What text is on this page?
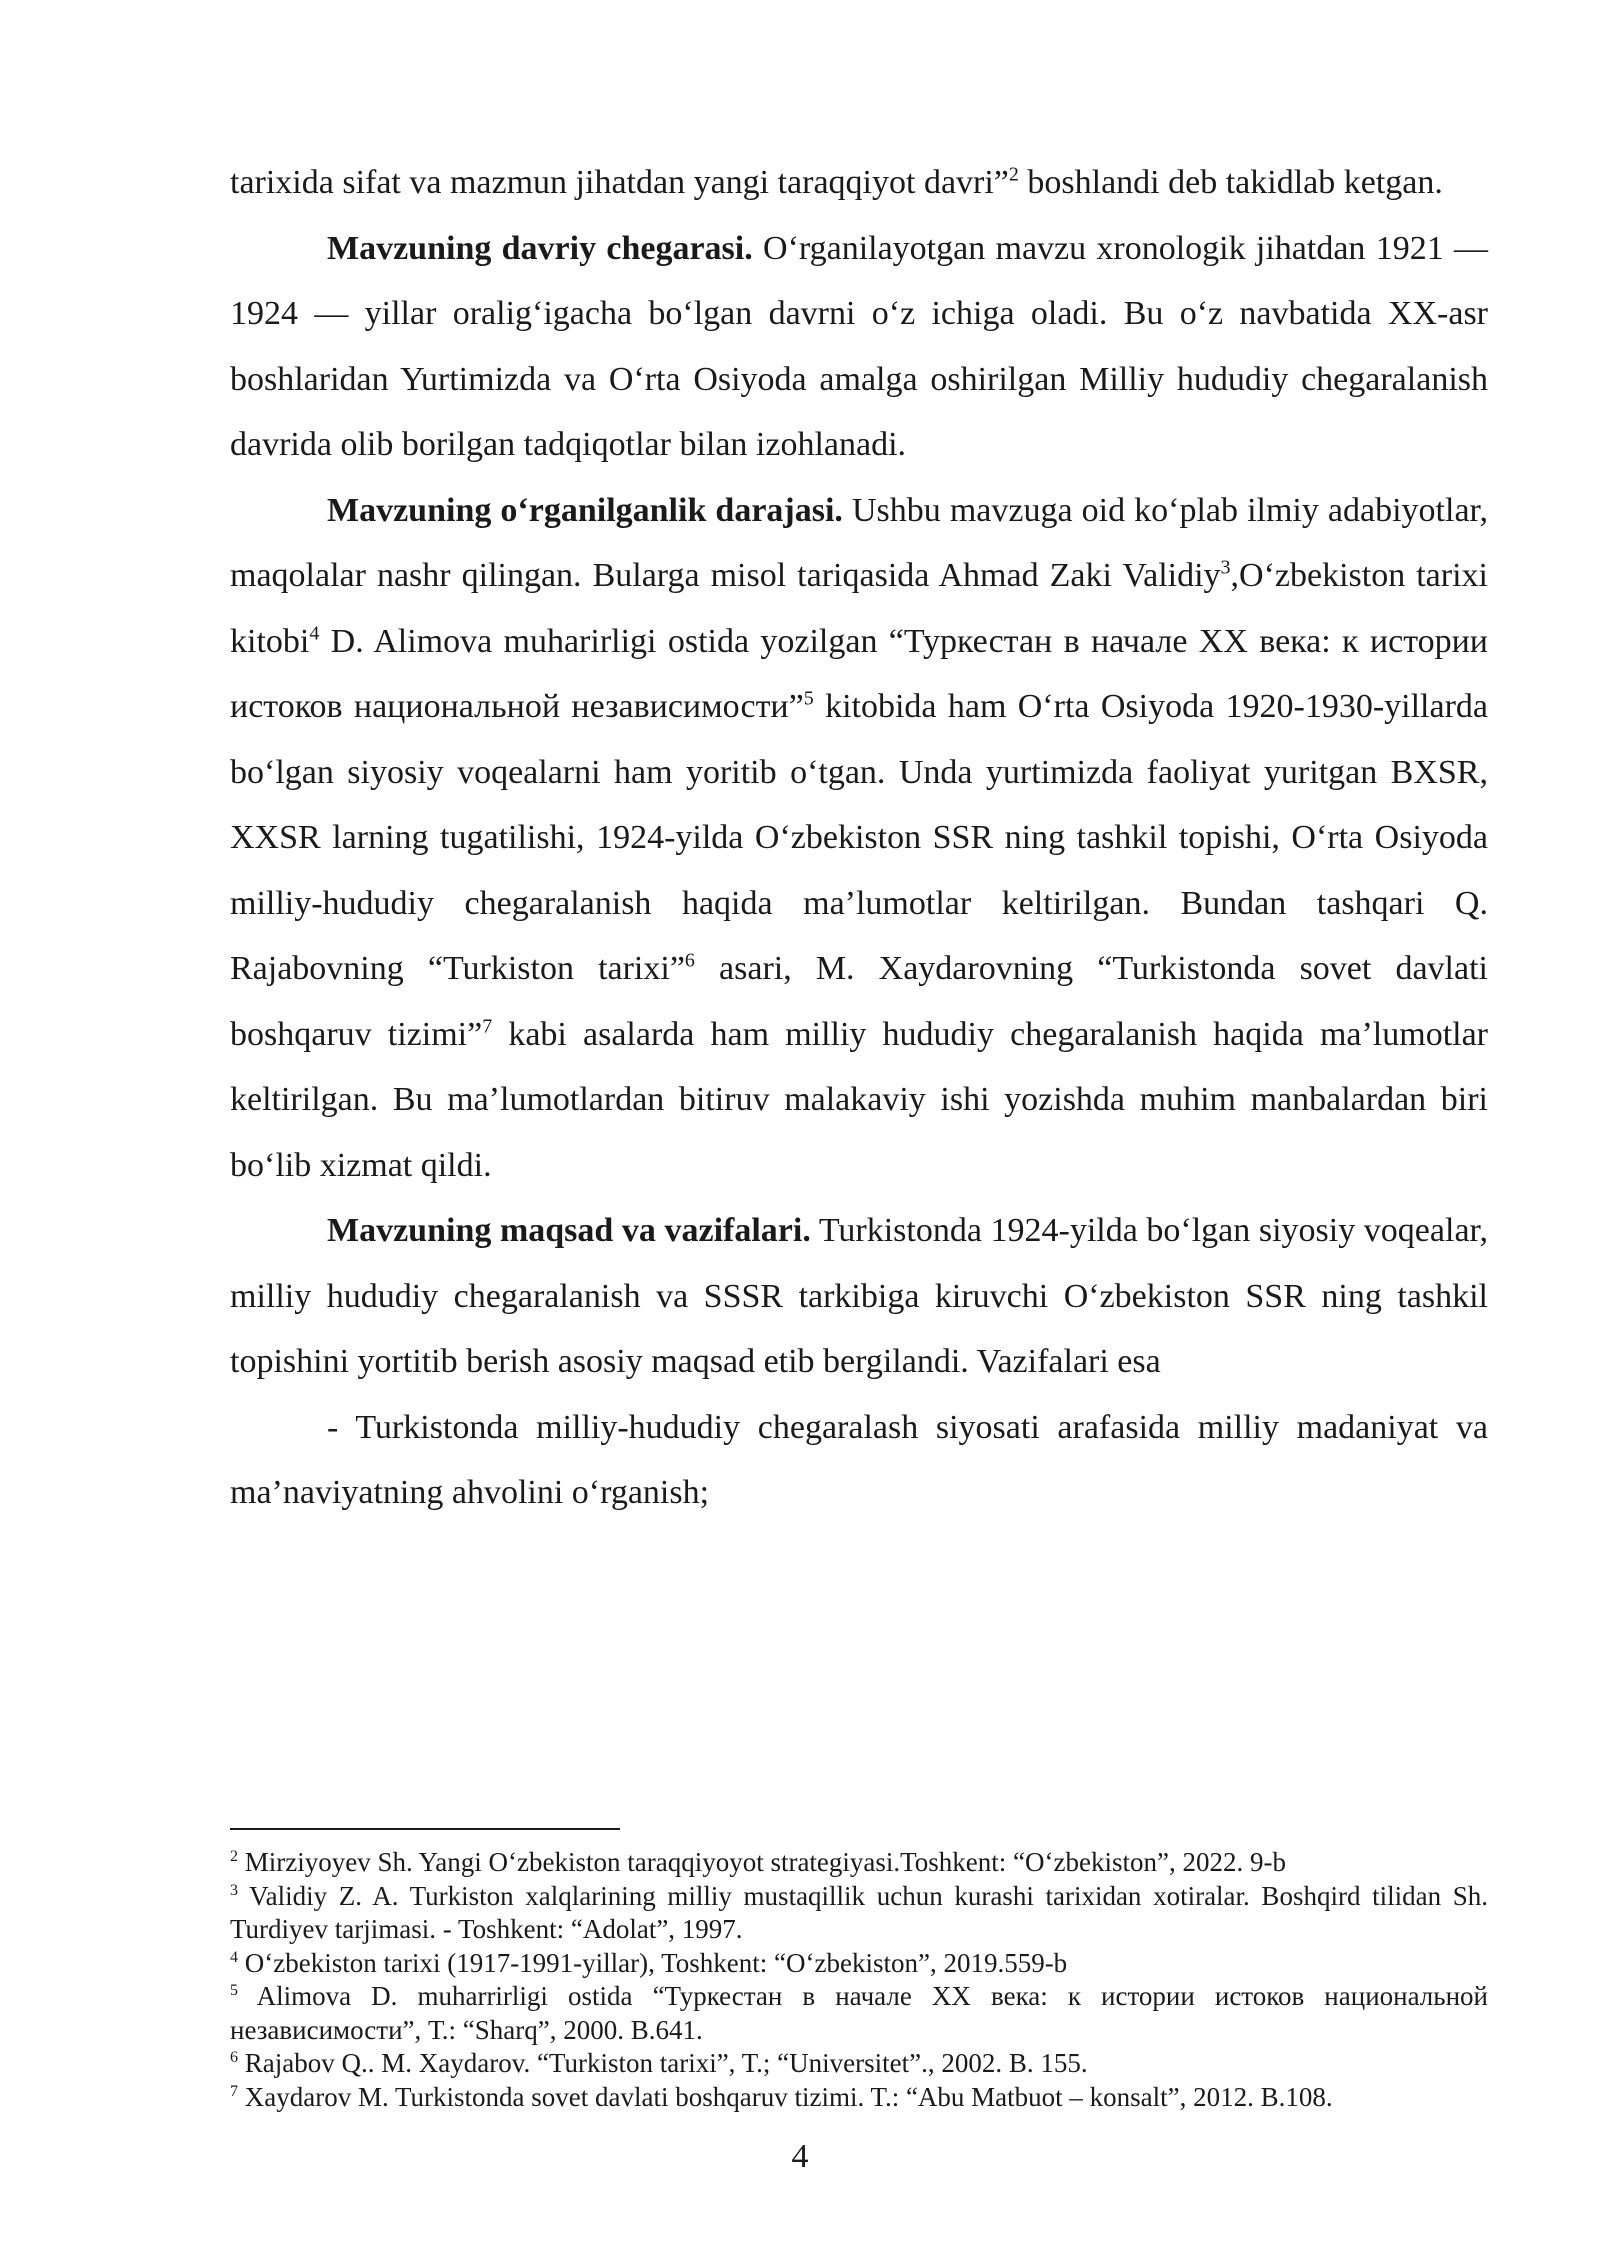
tarixida sifat va mazmun jihatdan yangi taraqqiyot davri”$^2$ boshlandi deb takidlab ketgan.

Mavzuning davriy chegarasi. O‘rganilayotgan mavzu xronologik jihatdan 1921 — 1924 — yillar oralig‘igacha bo‘lgan davrni o‘z ichiga oladi. Bu o‘z navbatida XX-asr boshlaridan Yurtimizda va O‘rta Osiyoda amalga oshirilgan Milliy hududiy chegaralanish davrida olib borilgan tadqiqotlar bilan izohlanadi.

Mavzuning o‘rganilganlik darajasi. Ushbu mavzuga oid ko‘plab ilmiy adabiyotlar, maqolalar nashr qilingan. Bularga misol tariqasida Ahmad Zaki Validiy$^3$,O‘zbekiston tarixi kitobi$^4$ D. Alimova muharirligi ostida yozilgan “Туркестан в начале XX века: к истории истоков национальной независимости”$^5$ kitobida ham O‘rta Osiyoda 1920-1930-yillarda bo‘lgan siyosiy voqealarni ham yoritib o‘tgan. Unda yurtimizda faoliyat yuritgan BXSR, XXSR larning tugatilishi, 1924-yilda O‘zbekiston SSR ning tashkil topishi, O‘rta Osiyoda milliy-hududiy chegaralanish haqida ma’lumotlar keltirilgan. Bundan tashqari Q. Rajabovning “Turkiston tarixi”$^6$ asari, M. Xaydarovning “Turkistonda sovet davlati boshqaruv tizimi”$^7$ kabi asalarda ham milliy hududiy chegaralanish haqida ma’lumotlar keltirilgan. Bu ma’lumotlardan bitiruv malakaviy ishi yozishda muhim manbalardan biri bo‘lib xizmat qildi.

Mavzuning maqsad va vazifalari. Turkistonda 1924-yilda bo‘lgan siyosiy voqealar, milliy hududiy chegaralanish va SSSR tarkibiga kiruvchi O‘zbekiston SSR ning tashkil topishini yortitib berish asosiy maqsad etib bergilandi. Vazifalari esa

- Turkistonda milliy-hududiy chegaralash siyosati arafasida milliy madaniyat va ma’naviyatning ahvolini o‘rganish;

$^2$ Mirziyoyev Sh. Yangi O‘zbekiston taraqqiyoyot strategiyasi.Toshkent: “O‘zbekiston”, 2022. 9-b

$^3$ Validiy Z. A. Turkiston xalqlarining milliy mustaqillik uchun kurashi tarixidan xotiralar. Boshqird tilidan Sh. Turdiyev tarjimasi. - Toshkent: “Adolat”, 1997.

$^4$ O‘zbekiston tarixi (1917-1991-yillar), Toshkent: “O‘zbekiston”, 2019.559-b

$^5$ Alimova D. muharrirligi ostida “Туркестан в начале XX века: к истории истоков национальной независимости”, Т.: “Sharq”, 2000. B.641.

$^6$ Rajabov Q.. M. Xaydarov. “Turkiston tarixi”, T.; “Universitet”., 2002. B. 155.

$^7$ Xaydarov M. Turkistonda sovet davlati boshqaruv tizimi. T.: “Abu Matbuot – konsalt”, 2012. B.108.

4
